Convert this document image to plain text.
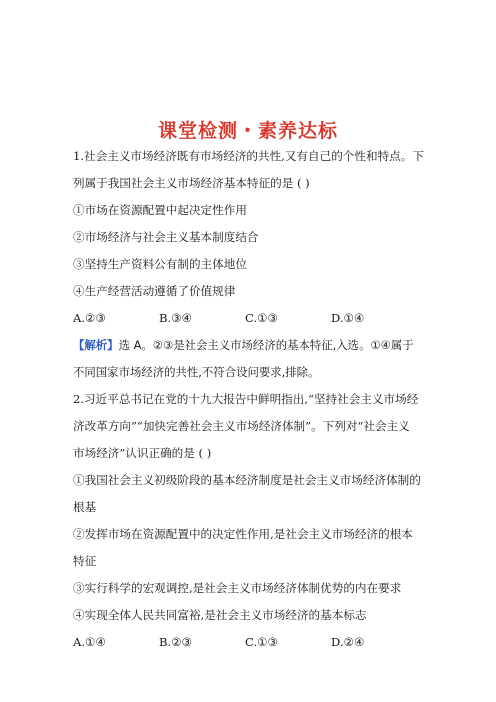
课堂检测・素养达标
1.社会主义市场经济既有市场经济的共性,又有自己的个性和特点。下
列属于我国社会主义市场经济基本特征的是 ( )
①市场在资源配置中起决定性作用
②市场经济与社会主义基本制度结合
③坚持生产资料公有制的主体地位
④生产经营活动遵循了价值规律
A.②③	B.③④	C.①③	D.①④
【解析】选 A。②③是社会主义市场经济的基本特征,入选。①④属于
不同国家市场经济的共性,不符合设问要求,排除。
2.习近平总书记在党的十九大报告中鲜明指出,“坚持社会主义市场经
济改革方向”“加快完善社会主义市场经济体制”。下列对“社会主义
市场经济”认识正确的是 ( )
①我国社会主义初级阶段的基本经济制度是社会主义市场经济体制的
根基
②发挥市场在资源配置中的决定性作用,是社会主义市场经济的根本
特征
③实行科学的宏观调控,是社会主义市场经济体制优势的内在要求
④实现全体人民共同富裕,是社会主义市场经济的基本标志
A.①④	B.②③	C.①③	D.②④
